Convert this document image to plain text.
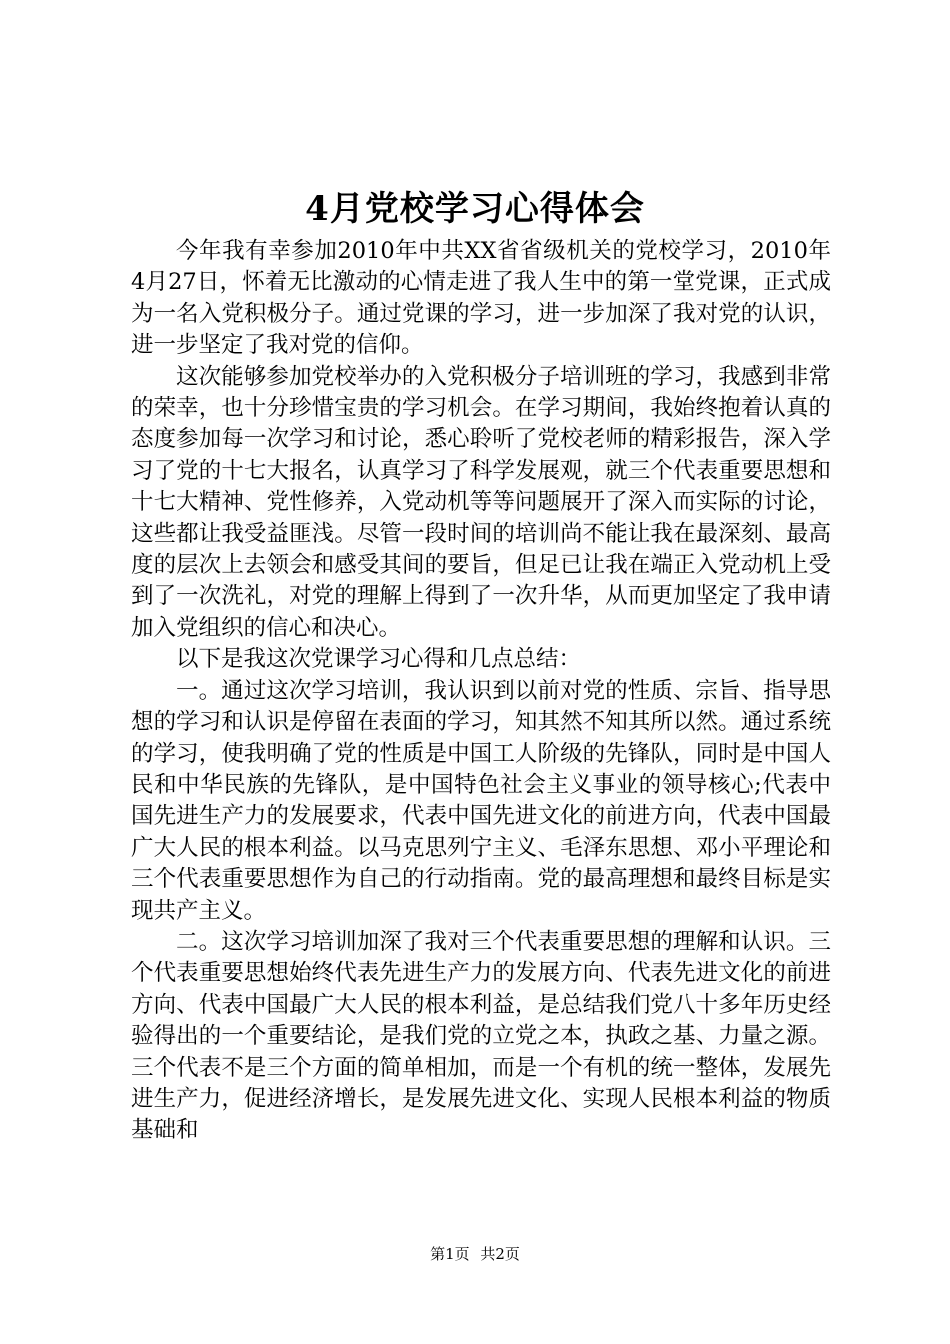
4月党校学习心得体会

今年我有幸参加2010年中共XX省省级机关的党校学习，2010年4月27日，怀着无比激动的心情走进了我人生中的第一堂党课，正式成为一名入党积极分子。通过党课的学习，进一步加深了我对党的认识，进一步坚定了我对党的信仰。

这次能够参加党校举办的入党积极分子培训班的学习，我感到非常的荣幸，也十分珍惜宝贵的学习机会。在学习期间，我始终抱着认真的态度参加每一次学习和讨论，悉心聆听了党校老师的精彩报告，深入学习了党的十七大报名，认真学习了科学发展观，就三个代表重要思想和十七大精神、党性修养，入党动机等等问题展开了深入而实际的讨论，这些都让我受益匪浅。尽管一段时间的培训尚不能让我在最深刻、最高度的层次上去领会和感受其间的要旨，但足已让我在端正入党动机上受到了一次洗礼，对党的理解上得到了一次升华，从而更加坚定了我申请加入党组织的信心和决心。

以下是我这次党课学习心得和几点总结：

一。通过这次学习培训，我认识到以前对党的性质、宗旨、指导思想的学习和认识是停留在表面的学习，知其然不知其所以然。通过系统的学习，使我明确了党的性质是中国工人阶级的先锋队，同时是中国人民和中华民族的先锋队，是中国特色社会主义事业的领导核心;代表中国先进生产力的发展要求，代表中国先进文化的前进方向，代表中国最广大人民的根本利益。以马克思列宁主义、毛泽东思想、邓小平理论和三个代表重要思想作为自己的行动指南。党的最高理想和最终目标是实现共产主义。

二。这次学习培训加深了我对三个代表重要思想的理解和认识。三个代表重要思想始终代表先进生产力的发展方向、代表先进文化的前进方向、代表中国最广大人民的根本利益，是总结我们党八十多年历史经验得出的一个重要结论，是我们党的立党之本，执政之基、力量之源。三个代表不是三个方面的简单相加，而是一个有机的统一整体，发展先进生产力，促进经济增长，是发展先进文化、实现人民根本利益的物质基础和

第1页 共2页
